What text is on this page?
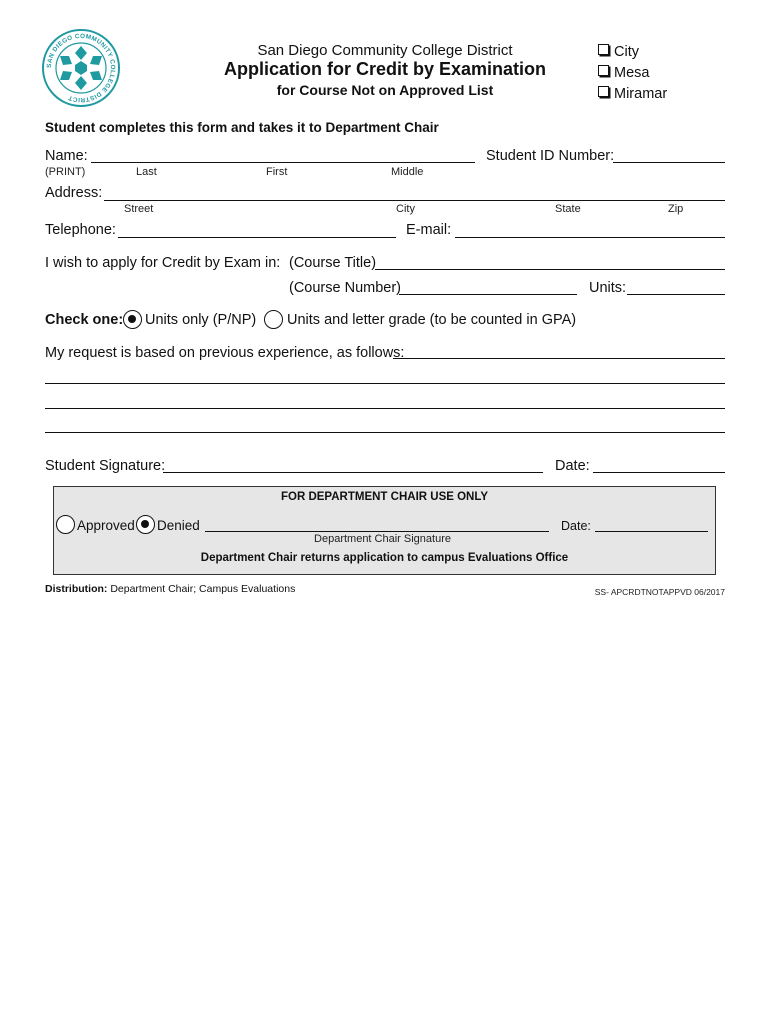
SAN DIEGO COMMUNITY COLLEGE DISTRICT
San Diego Community College District
Application for Credit by Examination
for Course Not on Approved List
City
Mesa
Miramar
Student completes this form and takes it to Department Chair
Name:	Student ID Number:
(PRINT)	Last	First	Middle
Address:
Street	City	State	Zip
Telephone:	E-mail:
I wish to apply for Credit by Exam in: (Course Title)
(Course Number)	Units:
Check one: Units only (P/NP) Units and letter grade (to be counted in GPA)
My request is based on previous experience, as follows:
Student Signature:	Date:
FOR DEPARTMENT CHAIR USE ONLY
Approved Denied
Department Chair Signature
Date:
Department Chair returns application to campus Evaluations Office
Distribution: Department Chair; Campus Evaluations	SS- APCRDTNOTAPPVD 06/2017
